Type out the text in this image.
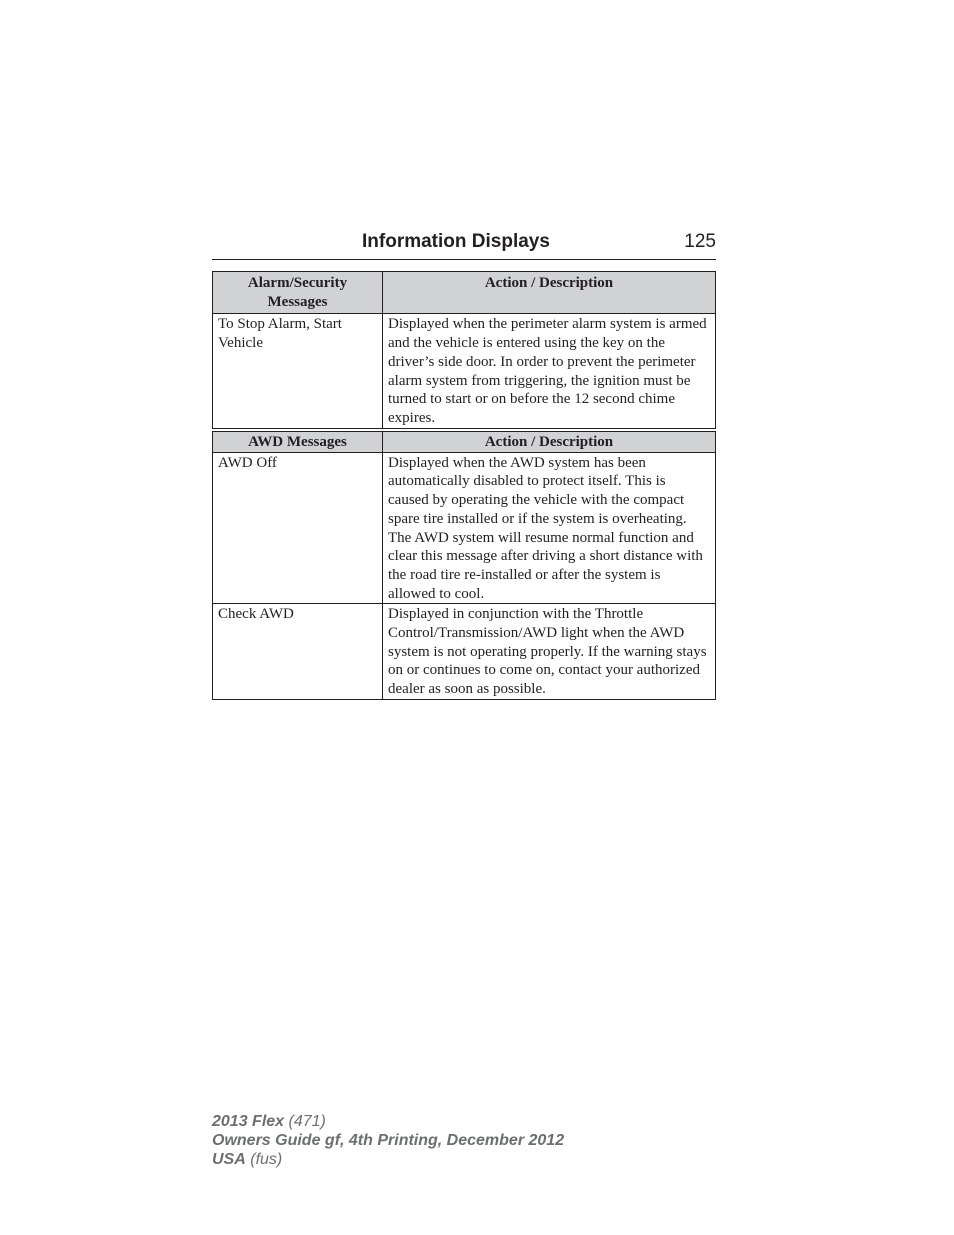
Information Displays	125
Alarm/Security Messages	Action / Description
To Stop Alarm, Start Vehicle	Displayed when the perimeter alarm system is armed and the vehicle is entered using the key on the driver’s side door. In order to prevent the perimeter alarm system from triggering, the ignition must be turned to start or on before the 12 second chime expires.
AWD Messages	Action / Description
AWD Off	Displayed when the AWD system has been automatically disabled to protect itself. This is caused by operating the vehicle with the compact spare tire installed or if the system is overheating. The AWD system will resume normal function and clear this message after driving a short distance with the road tire re-installed or after the system is allowed to cool.
Check AWD	Displayed in conjunction with the Throttle Control/Transmission/AWD light when the AWD system is not operating properly. If the warning stays on or continues to come on, contact your authorized dealer as soon as possible.
2013 Flex (471)
Owners Guide gf, 4th Printing, December 2012
USA (fus)
